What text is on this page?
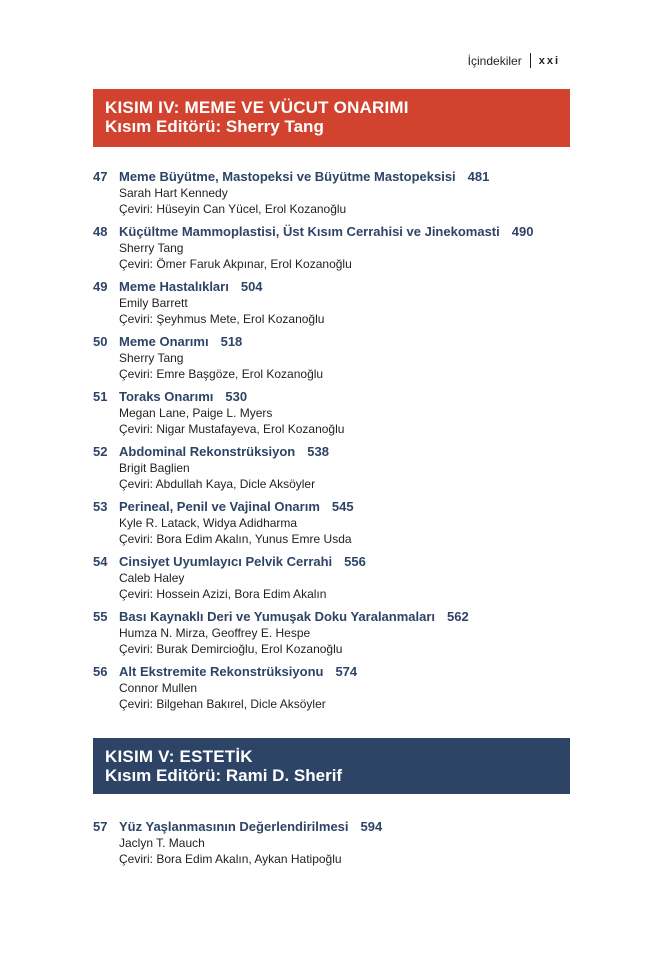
İçindekiler xxi
KISIM IV: MEME VE VÜCUT ONARIMI
Kısım Editörü: Sherry Tang
47 Meme Büyütme, Mastopeksi ve Büyütme Mastopeksisi 481
Sarah Hart Kennedy
Çeviri: Hüseyin Can Yücel, Erol Kozanoğlu
48 Küçültme Mammoplastisi, Üst Kısım Cerrahisi ve Jinekomasti 490
Sherry Tang
Çeviri: Ömer Faruk Akpınar, Erol Kozanoğlu
49 Meme Hastalıkları 504
Emily Barrett
Çeviri: Şeyhmus Mete, Erol Kozanoğlu
50 Meme Onarımı 518
Sherry Tang
Çeviri: Emre Başgöze, Erol Kozanoğlu
51 Toraks Onarımı 530
Megan Lane, Paige L. Myers
Çeviri: Nigar Mustafayeva, Erol Kozanoğlu
52 Abdominal Rekonstrüksiyon 538
Brigit Baglien
Çeviri: Abdullah Kaya, Dicle Aksöyler
53 Perineal, Penil ve Vajinal Onarım 545
Kyle R. Latack, Widya Adidharma
Çeviri: Bora Edim Akalın, Yunus Emre Usda
54 Cinsiyet Uyumlayıcı Pelvik Cerrahi 556
Caleb Haley
Çeviri: Hossein Azizi, Bora Edim Akalın
55 Bası Kaynaklı Deri ve Yumuşak Doku Yaralanmaları 562
Humza N. Mirza, Geoffrey E. Hespe
Çeviri: Burak Demircioğlu, Erol Kozanoğlu
56 Alt Ekstremite Rekonstrüksiyonu 574
Connor Mullen
Çeviri: Bilgehan Bakırel, Dicle Aksöyler
KISIM V: ESTETİK
Kısım Editörü: Rami D. Sherif
57 Yüz Yaşlanmasının Değerlendirilmesi 594
Jaclyn T. Mauch
Çeviri: Bora Edim Akalın, Aykan Hatipoğlu
